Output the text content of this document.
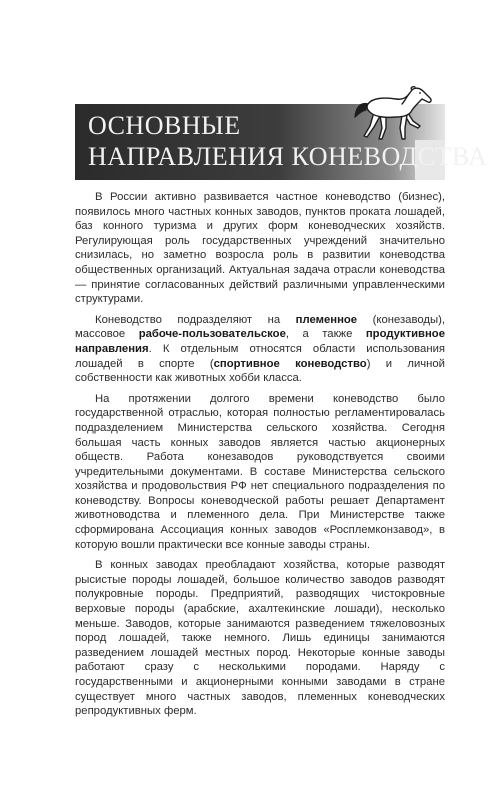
ОСНОВНЫЕ
НАПРАВЛЕНИЯ КОНЕВОДСТВА

В России активно развивается частное коневодство (бизнес), появилось много частных конных заводов, пунктов проката лошадей, баз конного туризма и других форм коневодческих хозяйств. Регулирующая роль государственных учреждений значительно снизилась, но заметно возросла роль в развитии коневодства общественных организаций. Актуальная задача отрасли коневодства — принятие согласованных действий различными управленческими структурами.

Коневодство подразделяют на племенное (конезаводы), массовое рабоче-пользовательское, а также продуктивное направления. К отдельным относятся области использования лошадей в спорте (спортивное коневодство) и личной собственности как животных хобби класса.

На протяжении долгого времени коневодство было государственной отраслью, которая полностью регламентировалась подразделением Министерства сельского хозяйства. Сегодня большая часть конных заводов является частью акционерных обществ. Работа конезаводов руководствуется своими учредительными документами. В составе Министерства сельского хозяйства и продовольствия РФ нет специального подразделения по коневодству. Вопросы коневодческой работы решает Департамент животноводства и племенного дела. При Министерстве также сформирована Ассоциация конных заводов «Росплемконзавод», в которую вошли практически все конные заводы страны.

В конных заводах преобладают хозяйства, которые разводят рысистые породы лошадей, большое количество заводов разводят полукровные породы. Предприятий, разводящих чистокровные верховые породы (арабские, ахалтекинские лошади), несколько меньше. Заводов, которые занимаются разведением тяжеловозных пород лошадей, также немного. Лишь единицы занимаются разведением лошадей местных пород. Некоторые конные заводы работают сразу с несколькими породами. Наряду с государственными и акционерными конными заводами в стране существует много частных заводов, племенных коневодческих репродуктивных ферм.
